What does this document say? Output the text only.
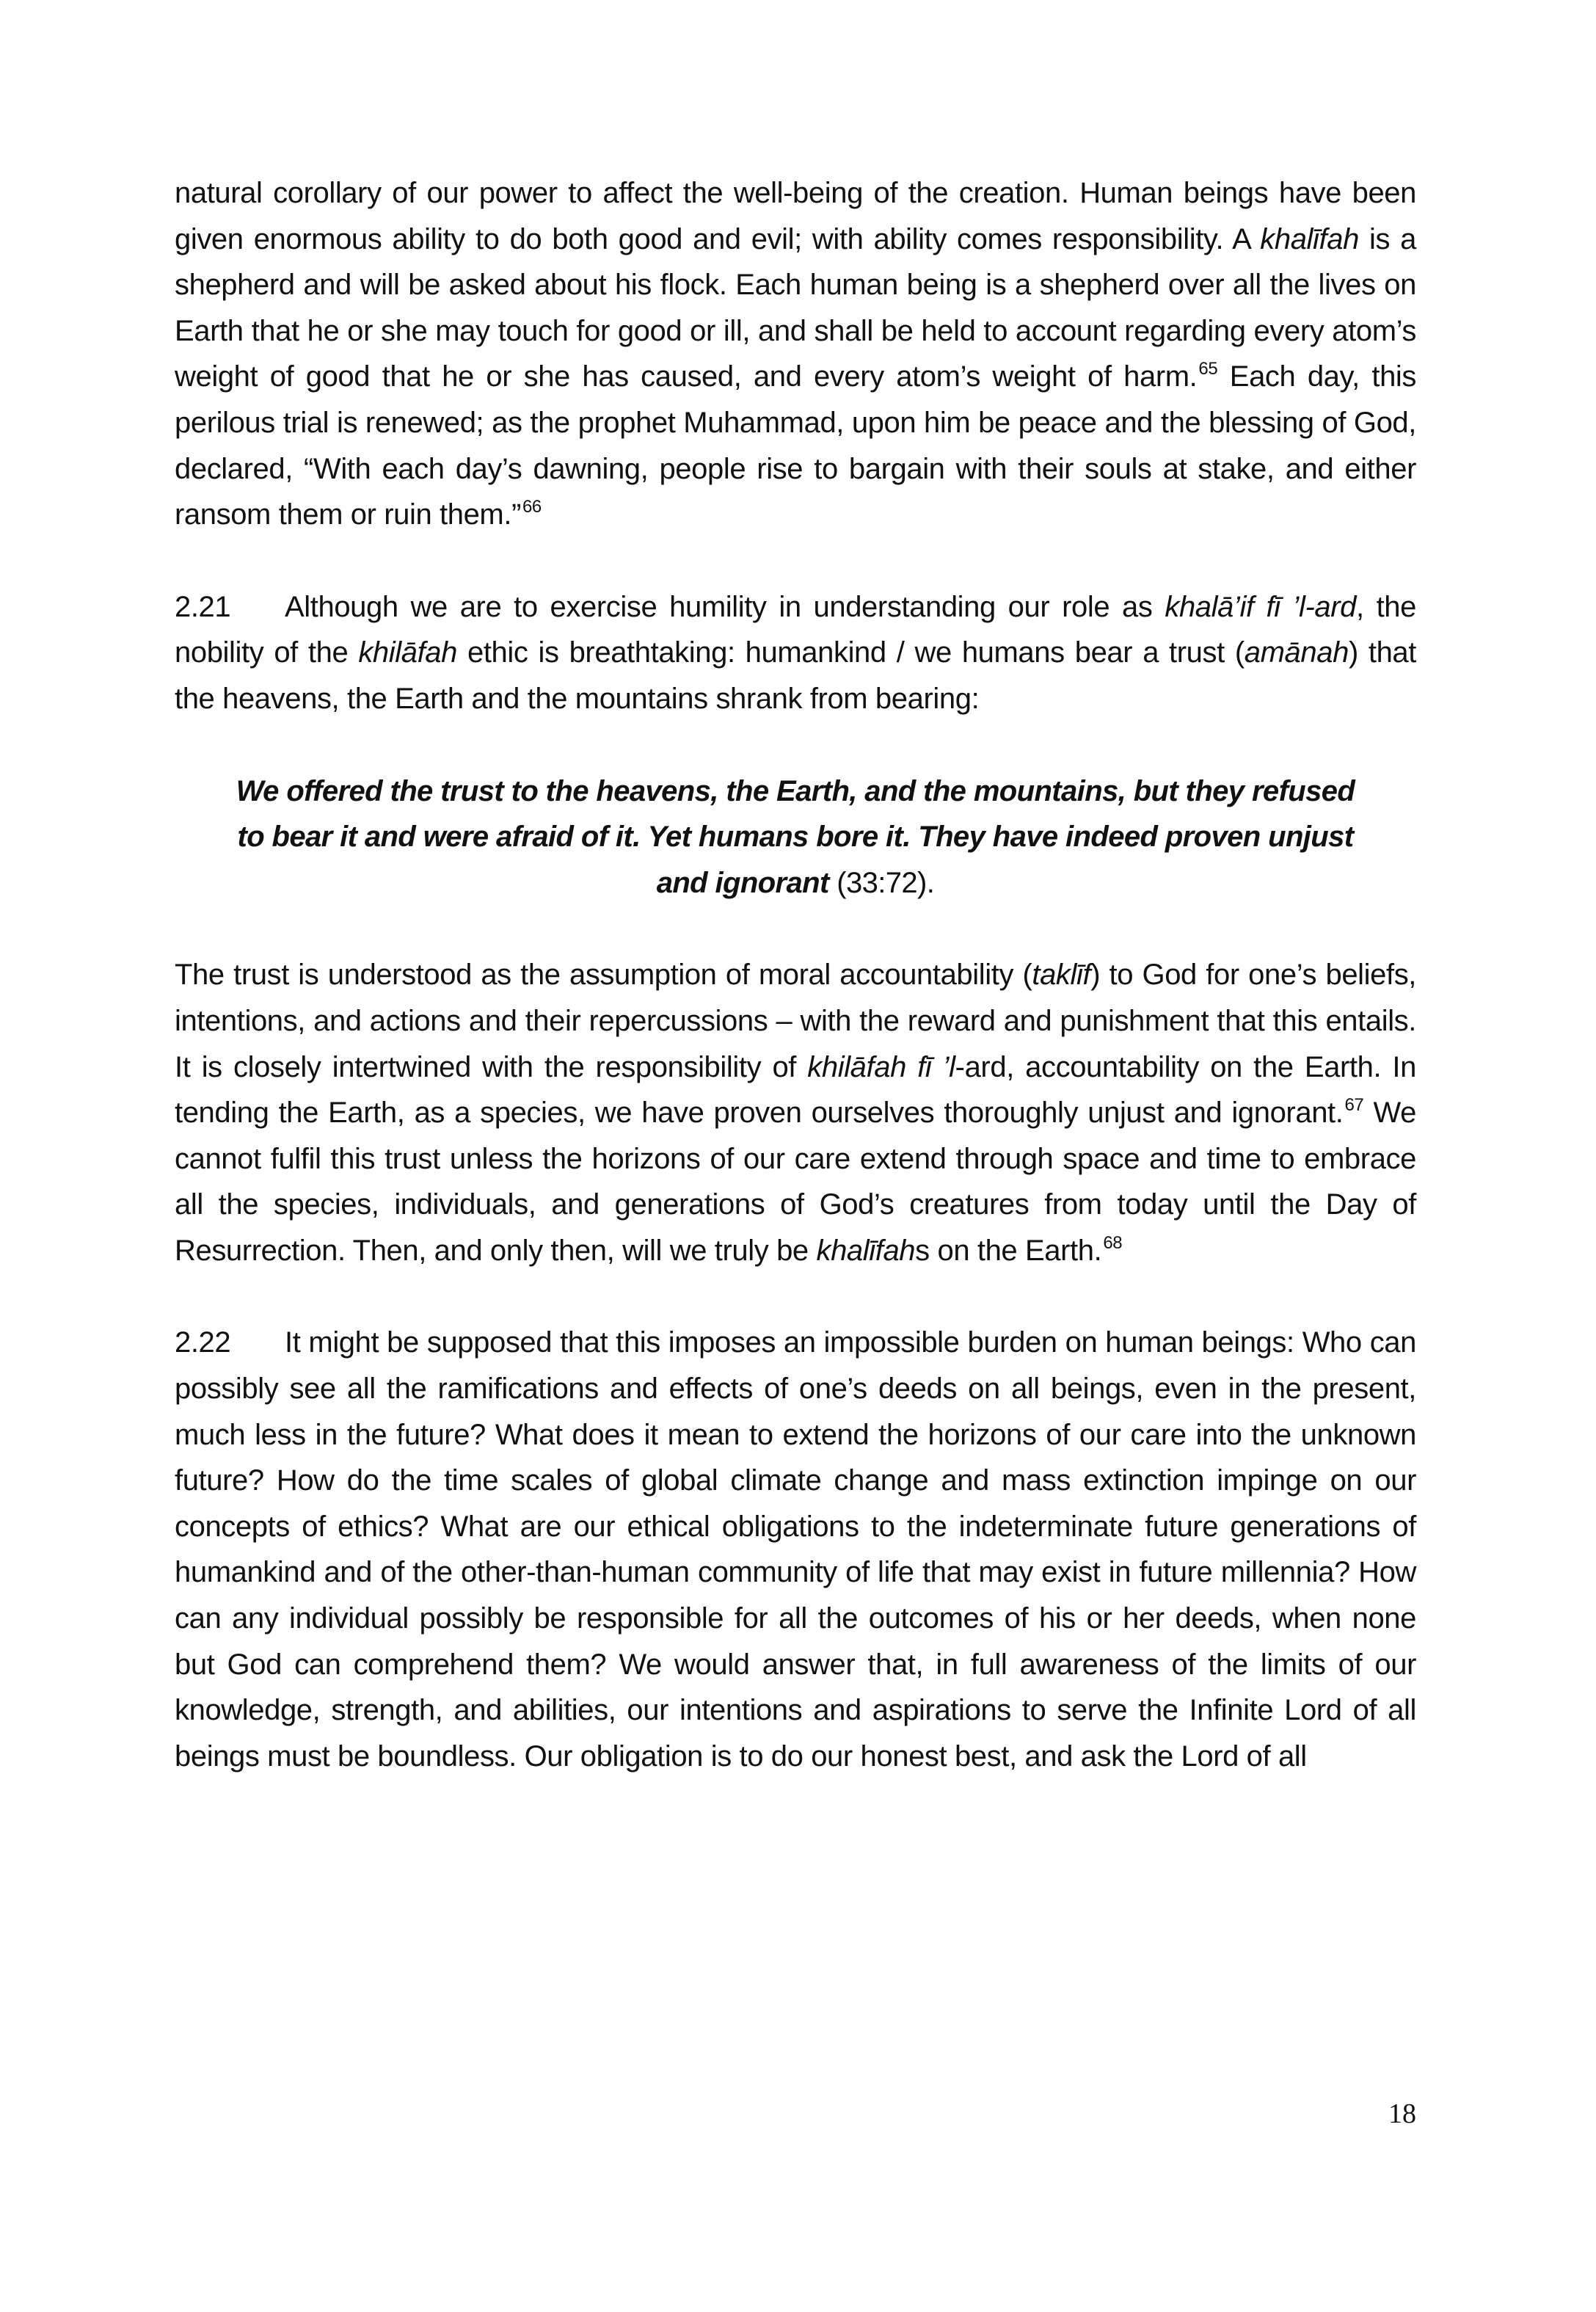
natural corollary of our power to affect the well-being of the creation. Human beings have been given enormous ability to do both good and evil; with ability comes responsibility. A khalīfah is a shepherd and will be asked about his flock. Each human being is a shepherd over all the lives on Earth that he or she may touch for good or ill, and shall be held to account regarding every atom’s weight of good that he or she has caused, and every atom’s weight of harm.$^{65}$ Each day, this perilous trial is renewed; as the prophet Muhammad, upon him be peace and the blessing of God, declared, “With each day’s dawning, people rise to bargain with their souls at stake, and either ransom them or ruin them.”$^{66}$

2.21 Although we are to exercise humility in understanding our role as khalā’if fī ’l-ard, the nobility of the khilāfah ethic is breathtaking: humankind / we humans bear a trust (amānah) that the heavens, the Earth and the mountains shrank from bearing:

We offered the trust to the heavens, the Earth, and the mountains, but they refused to bear it and were afraid of it. Yet humans bore it. They have indeed proven unjust and ignorant (33:72).

The trust is understood as the assumption of moral accountability (taklīf) to God for one’s beliefs, intentions, and actions and their repercussions – with the reward and punishment that this entails. It is closely intertwined with the responsibility of khilāfah fī ’l-ard, accountability on the Earth. In tending the Earth, as a species, we have proven ourselves thoroughly unjust and ignorant.$^{67}$ We cannot fulfil this trust unless the horizons of our care extend through space and time to embrace all the species, individuals, and generations of God’s creatures from today until the Day of Resurrection. Then, and only then, will we truly be khalīfahs on the Earth.$^{68}$

2.22 It might be supposed that this imposes an impossible burden on human beings: Who can possibly see all the ramifications and effects of one’s deeds on all beings, even in the present, much less in the future? What does it mean to extend the horizons of our care into the unknown future? How do the time scales of global climate change and mass extinction impinge on our concepts of ethics? What are our ethical obligations to the indeterminate future generations of humankind and of the other-than-human community of life that may exist in future millennia? How can any individual possibly be responsible for all the outcomes of his or her deeds, when none but God can comprehend them? We would answer that, in full awareness of the limits of our knowledge, strength, and abilities, our intentions and aspirations to serve the Infinite Lord of all beings must be boundless. Our obligation is to do our honest best, and ask the Lord of all

18
